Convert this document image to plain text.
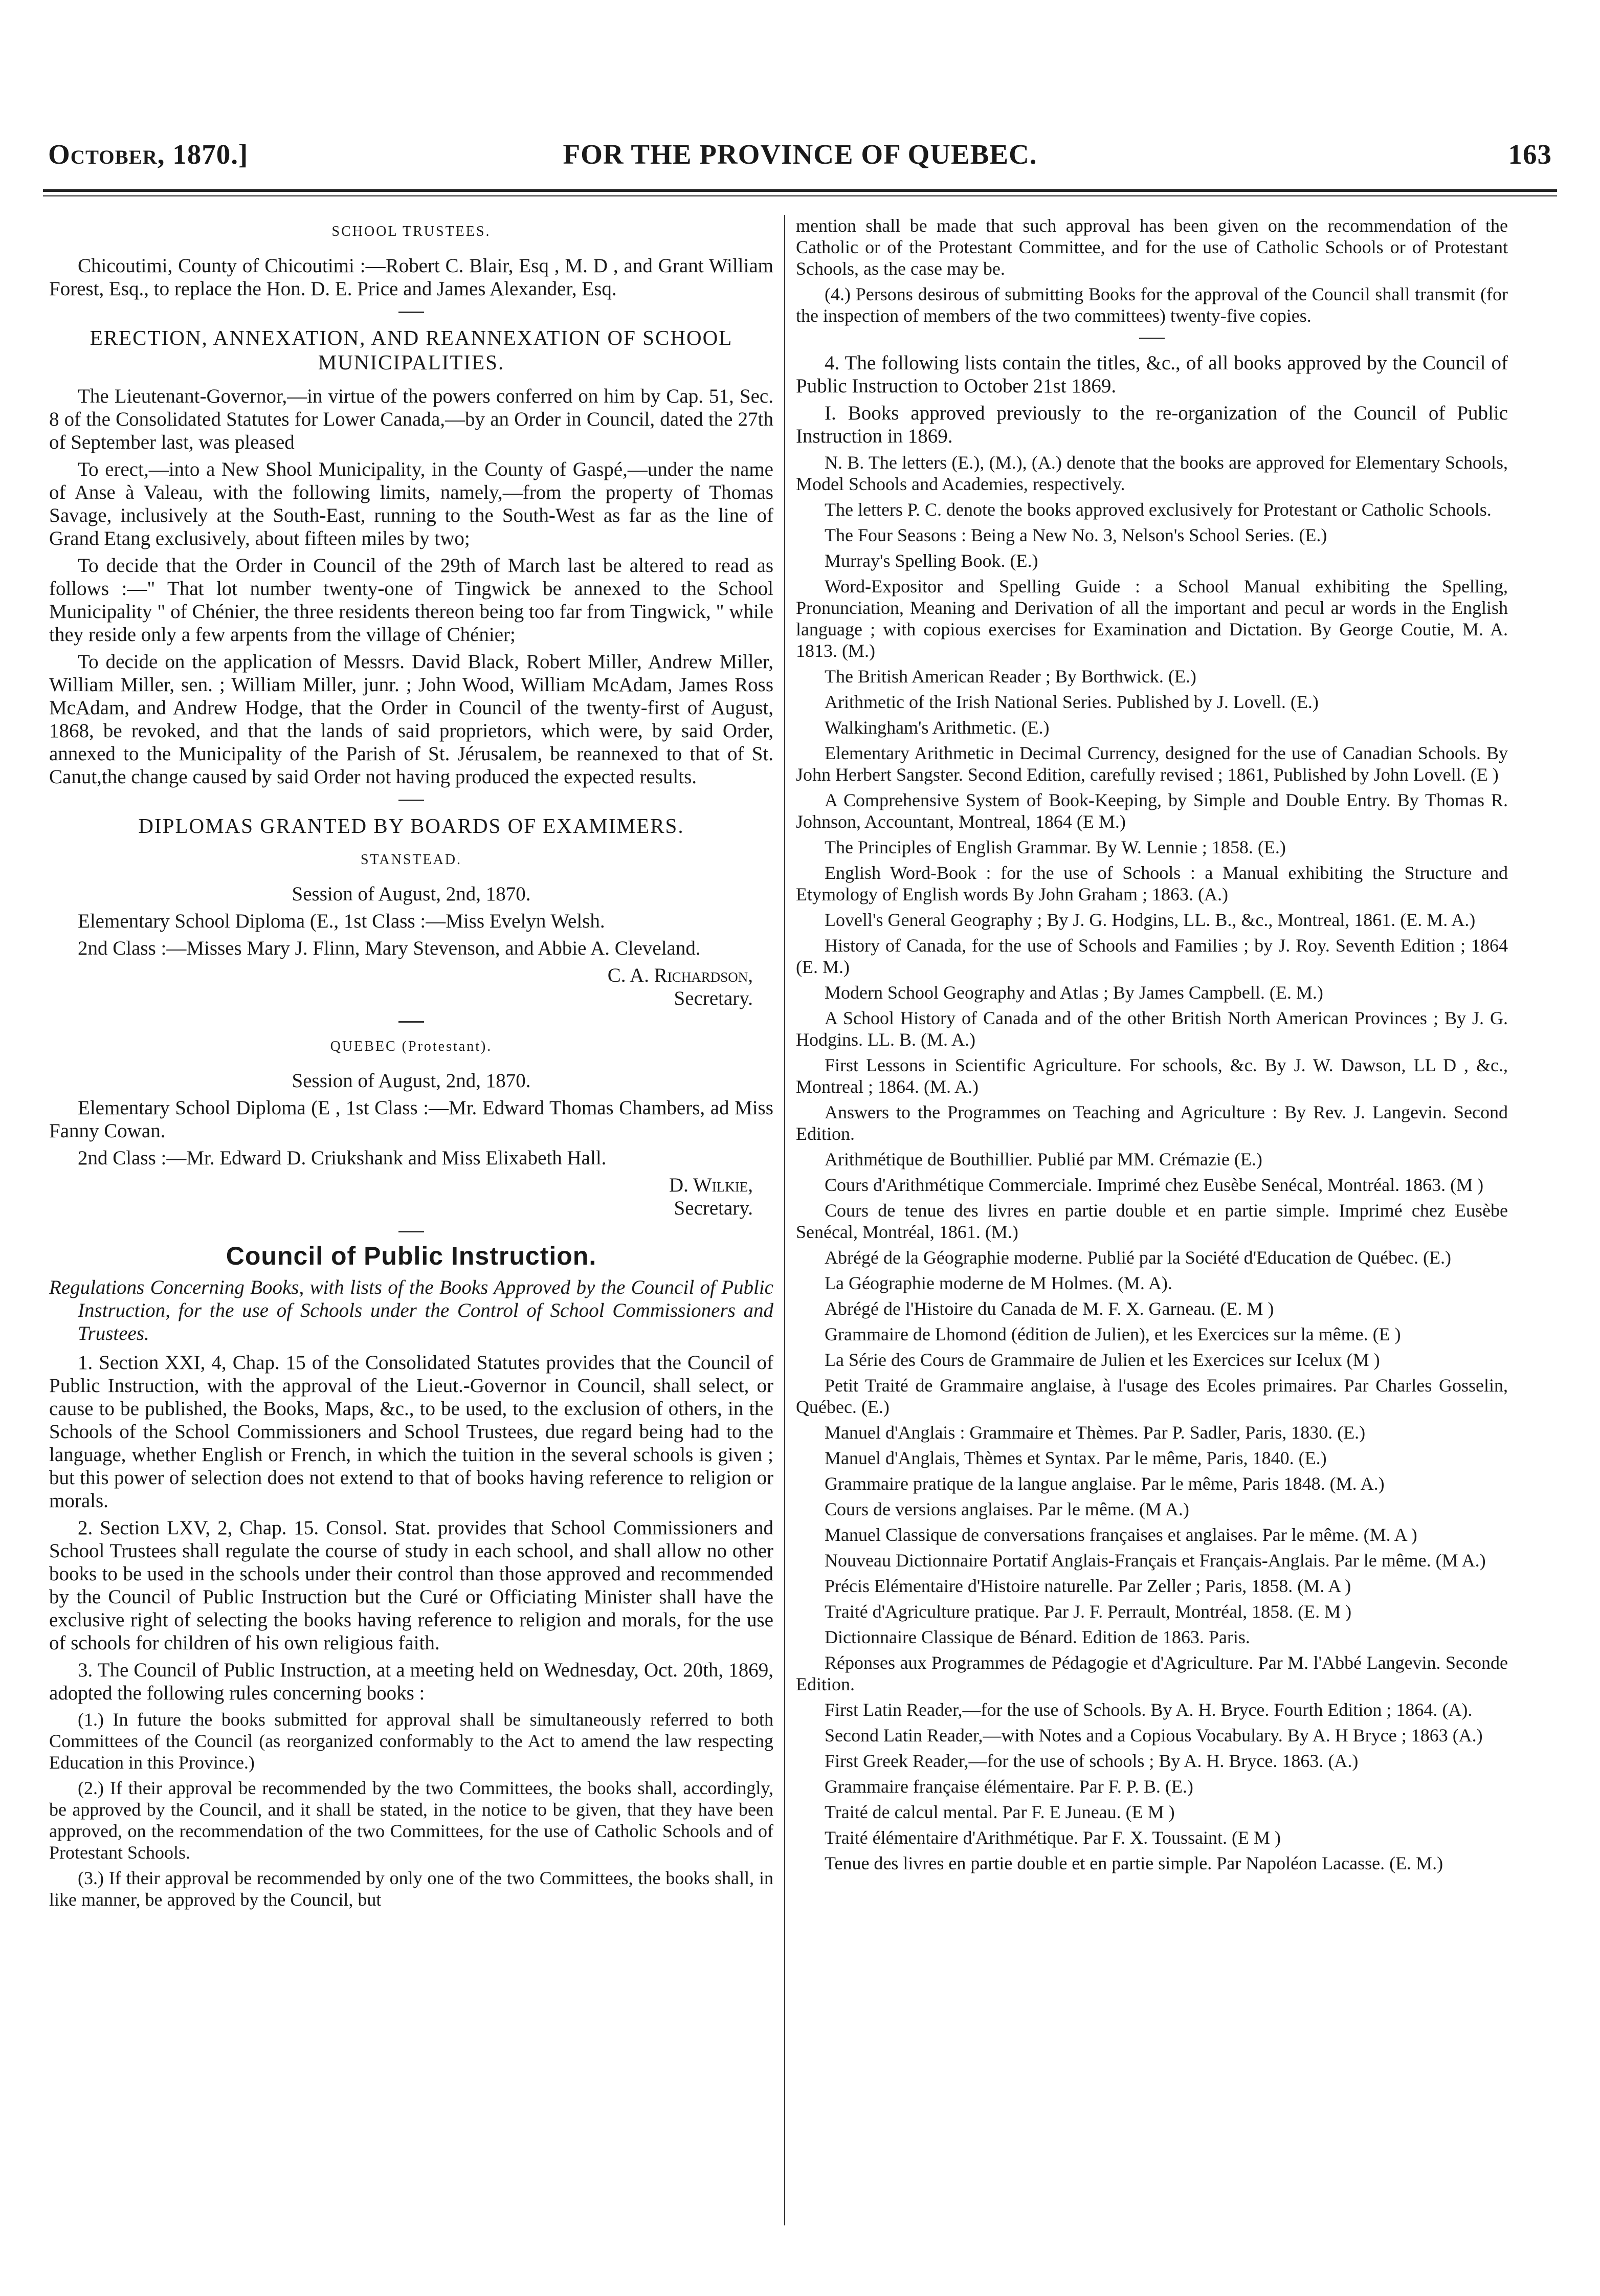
October, 1870.]	FOR THE PROVINCE OF QUEBEC.	163
SCHOOL TRUSTEES.

Chicoutimi, County of Chicoutimi :—Robert C. Blair, Esq , M. D , and Grant William Forest, Esq., to replace the Hon. D. E. Price and James Alexander, Esq.

ERECTION, ANNEXATION, AND REANNEXATION OF SCHOOL MUNICIPALITIES.

The Lieutenant-Governor,—in virtue of the powers conferred on him by Cap. 51, Sec. 8 of the Consolidated Statutes for Lower Canada,—by an Order in Council, dated the 27th of September last, was pleased

To erect,—into a New Shool Municipality, in the County of Gaspé,—under the name of Anse à Valeau, with the following limits, namely,—from the property of Thomas Savage, inclusively at the South-East, running to the South-West as far as the line of Grand Etang exclusively, about fifteen miles by two;

To decide that the Order in Council of the 29th of March last be altered to read as follows :—" That lot number twenty-one of Tingwick be annexed to the School Municipality " of Chénier, the three residents thereon being too far from Tingwick, " while they reside only a few arpents from the village of Chénier;

To decide on the application of Messrs. David Black, Robert Miller, Andrew Miller, William Miller, sen. ; William Miller, junr. ; John Wood, William McAdam, James Ross McAdam, and Andrew Hodge, that the Order in Council of the twenty-first of August, 1868, be revoked, and that the lands of said proprietors, which were, by said Order, annexed to the Municipality of the Parish of St. Jérusalem, be reannexed to that of St. Canut,the change caused by said Order not having produced the expected results.

DIPLOMAS GRANTED BY BOARDS OF EXAMIMERS.
STANSTEAD.

Session of August, 2nd, 1870.

Elementary School Diploma (E., 1st Class :—Miss Evelyn Welsh.

2nd Class :—Misses Mary J. Flinn, Mary Stevenson, and Abbie A. Cleveland.

C. A. Richardson,

Secretary.

QUEBEC (Protestant).

Session of August, 2nd, 1870.

Elementary School Diploma (E , 1st Class :—Mr. Edward Thomas Chambers, ad Miss Fanny Cowan.

2nd Class :—Mr. Edward D. Criukshank and Miss Elixabeth Hall.

D. Wilkie,

Secretary.

Council of Public Instruction.

Regulations Concerning Books, with lists of the Books Approved by the Council of Public Instruction, for the use of Schools under the Control of School Commissioners and Trustees.

1. Section XXI, 4, Chap. 15 of the Consolidated Statutes provides that the Council of Public Instruction, with the approval of the Lieut.-Governor in Council, shall select, or cause to be published, the Books, Maps, &c., to be used, to the exclusion of others, in the Schools of the School Commissioners and School Trustees, due regard being had to the language, whether English or French, in which the tuition in the several schools is given ; but this power of selection does not extend to that of books having reference to religion or morals.

2. Section LXV, 2, Chap. 15. Consol. Stat. provides that School Commissioners and School Trustees shall regulate the course of study in each school, and shall allow no other books to be used in the schools under their control than those approved and recommended by the Council of Public Instruction but the Curé or Officiating Minister shall have the exclusive right of selecting the books having reference to religion and morals, for the use of schools for children of his own religious faith.

3. The Council of Public Instruction, at a meeting held on Wednesday, Oct. 20th, 1869, adopted the following rules concerning books :

(1.) In future the books submitted for approval shall be simultaneously referred to both Committees of the Council (as reorganized conformably to the Act to amend the law respecting Education in this Province.)

(2.) If their approval be recommended by the two Committees, the books shall, accordingly, be approved by the Council, and it shall be stated, in the notice to be given, that they have been approved, on the recommendation of the two Committees, for the use of Catholic Schools and of Protestant Schools.

(3.) If their approval be recommended by only one of the two Committees, the books shall, in like manner, be approved by the Council, but

mention shall be made that such approval has been given on the recommendation of the Catholic or of the Protestant Committee, and for the use of Catholic Schools or of Protestant Schools, as the case may be.

(4.) Persons desirous of submitting Books for the approval of the Council shall transmit (for the inspection of members of the two committees) twenty-five copies.

4. The following lists contain the titles, &c., of all books approved by the Council of Public Instruction to October 21st 1869.

I. Books approved previously to the re-organization of the Council of Public Instruction in 1869.

N. B. The letters (E.), (M.), (A.) denote that the books are approved for Elementary Schools, Model Schools and Academies, respectively.

The letters P. C. denote the books approved exclusively for Protestant or Catholic Schools.

The Four Seasons : Being a New No. 3, Nelson's School Series. (E.)

Murray's Spelling Book. (E.)

Word-Expositor and Spelling Guide : a School Manual exhibiting the Spelling, Pronunciation, Meaning and Derivation of all the important and pecul ar words in the English language ; with copious exercises for Examination and Dictation. By George Coutie, M. A. 1813. (M.)

The British American Reader ; By Borthwick. (E.)

Arithmetic of the Irish National Series. Published by J. Lovell. (E.)

Walkingham's Arithmetic. (E.)

Elementary Arithmetic in Decimal Currency, designed for the use of Canadian Schools. By John Herbert Sangster. Second Edition, carefully revised ; 1861, Published by John Lovell. (E )

A Comprehensive System of Book-Keeping, by Simple and Double Entry. By Thomas R. Johnson, Accountant, Montreal, 1864 (E M.)

The Principles of English Grammar. By W. Lennie ; 1858. (E.)

English Word-Book : for the use of Schools : a Manual exhibiting the Structure and Etymology of English words By John Graham ; 1863. (A.)

Lovell's General Geography ; By J. G. Hodgins, LL. B., &c., Montreal, 1861. (E. M. A.)

History of Canada, for the use of Schools and Families ; by J. Roy. Seventh Edition ; 1864 (E. M.)

Modern School Geography and Atlas ; By James Campbell. (E. M.)

A School History of Canada and of the other British North American Provinces ; By J. G. Hodgins. LL. B. (M. A.)

First Lessons in Scientific Agriculture. For schools, &c. By J. W. Dawson, LL D , &c., Montreal ; 1864. (M. A.)

Answers to the Programmes on Teaching and Agriculture : By Rev. J. Langevin. Second Edition.

Arithmétique de Bouthillier. Publié par MM. Crémazie (E.)

Cours d'Arithmétique Commerciale. Imprimé chez Eusèbe Senécal, Montréal. 1863. (M )

Cours de tenue des livres en partie double et en partie simple. Imprimé chez Eusèbe Senécal, Montréal, 1861. (M.)

Abrégé de la Géographie moderne. Publié par la Société d'Education de Québec. (E.)

La Géographie moderne de M Holmes. (M. A).

Abrégé de l'Histoire du Canada de M. F. X. Garneau. (E. M )

Grammaire de Lhomond (édition de Julien), et les Exercices sur la même. (E )

La Série des Cours de Grammaire de Julien et les Exercices sur Icelux (M )

Petit Traité de Grammaire anglaise, à l'usage des Ecoles primaires. Par Charles Gosselin, Québec. (E.)

Manuel d'Anglais : Grammaire et Thèmes. Par P. Sadler, Paris, 1830. (E.)

Manuel d'Anglais, Thèmes et Syntax. Par le même, Paris, 1840. (E.)

Grammaire pratique de la langue anglaise. Par le même, Paris 1848. (M. A.)

Cours de versions anglaises. Par le même. (M A.)

Manuel Classique de conversations françaises et anglaises. Par le même. (M. A )

Nouveau Dictionnaire Portatif Anglais-Français et Français-Anglais. Par le même. (M A.)

Précis Elémentaire d'Histoire naturelle. Par Zeller ; Paris, 1858. (M. A )

Traité d'Agriculture pratique. Par J. F. Perrault, Montréal, 1858. (E. M )

Dictionnaire Classique de Bénard. Edition de 1863. Paris.

Réponses aux Programmes de Pédagogie et d'Agriculture. Par M. l'Abbé Langevin. Seconde Edition.

First Latin Reader,—for the use of Schools. By A. H. Bryce. Fourth Edition ; 1864. (A).

Second Latin Reader,—with Notes and a Copious Vocabulary. By A. H Bryce ; 1863 (A.)

First Greek Reader,—for the use of schools ; By A. H. Bryce. 1863. (A.)

Grammaire française élémentaire. Par F. P. B. (E.)

Traité de calcul mental. Par F. E Juneau. (E M )

Traité élémentaire d'Arithmétique. Par F. X. Toussaint. (E M )

Tenue des livres en partie double et en partie simple. Par Napoléon Lacasse. (E. M.)
